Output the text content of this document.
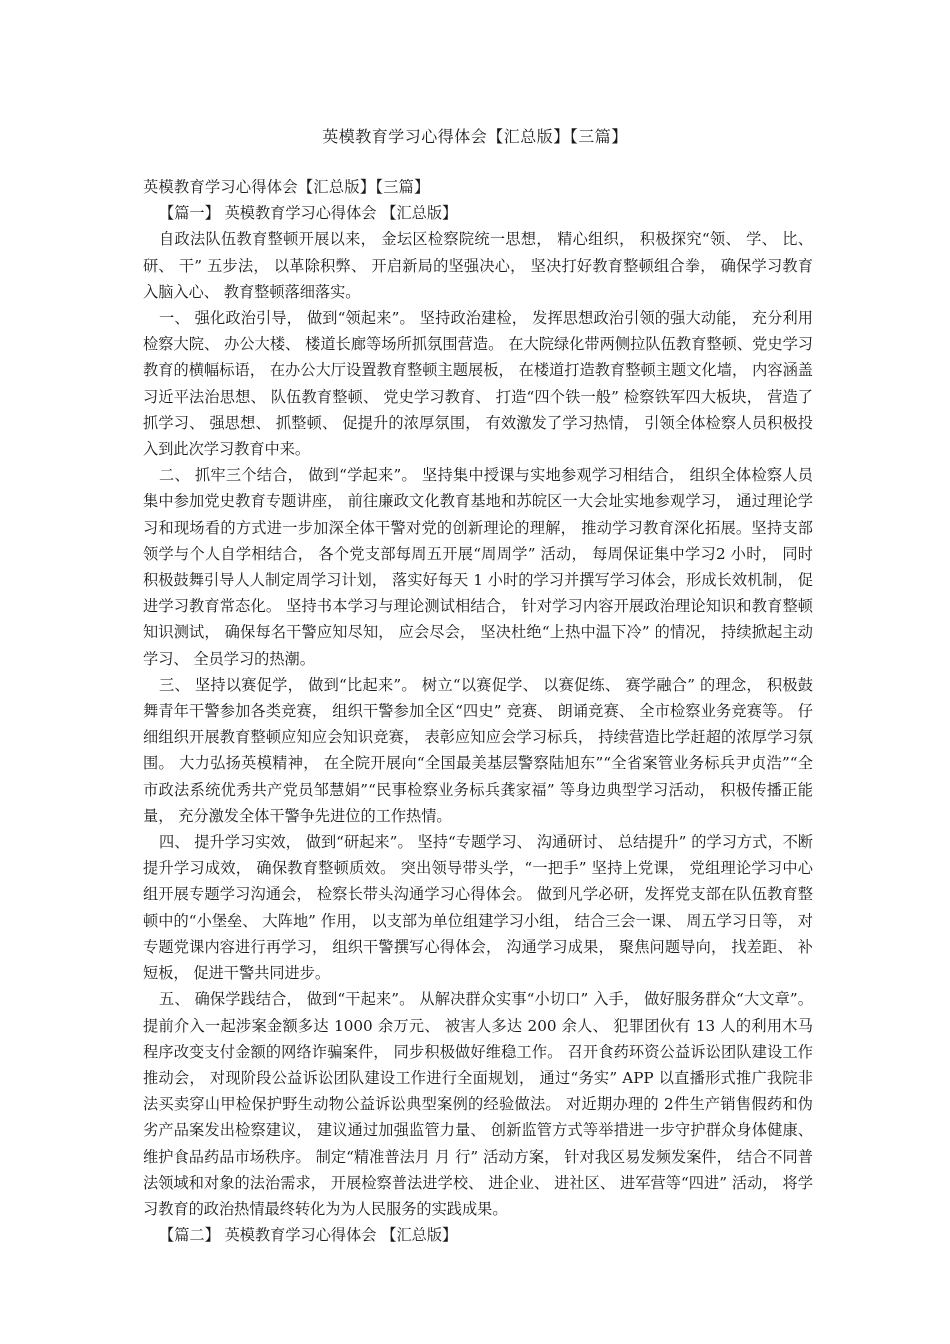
英模教育学习心得体会【汇总版】【三篇】

英模教育学习心得体会【汇总版】【三篇】

【篇一】 英模教育学习心得体会 【汇总版】

自政法队伍教育整顿开展以来， 金坛区检察院统一思想， 精心组织， 积极探究“领、 学、 比、 研、 干” 五步法， 以革除积弊、 开启新局的坚强决心， 坚决打好教育整顿组合拳， 确保学习教育入脑入心、 教育整顿落细落实。

一、 强化政治引导， 做到“领起来”。 坚持政治建检， 发挥思想政治引领的强大动能， 充分利用检察大院、 办公大楼、 楼道长廊等场所抓氛围营造。 在大院绿化带两侧拉队伍教育整顿、党史学习教育的横幅标语， 在办公大厅设置教育整顿主题展板， 在楼道打造教育整顿主题文化墙， 内容涵盖习近平法治思想、 队伍教育整顿、 党史学习教育、 打造“四个铁一般” 检察铁军四大板块， 营造了抓学习、 强思想、 抓整顿、 促提升的浓厚氛围， 有效激发了学习热情， 引领全体检察人员积极投入到此次学习教育中来。

二、 抓牢三个结合， 做到“学起来”。 坚持集中授课与实地参观学习相结合， 组织全体检察人员集中参加党史教育专题讲座， 前往廉政文化教育基地和苏皖区一大会址实地参观学习， 通过理论学习和现场看的方式进一步加深全体干警对党的创新理论的理解， 推动学习教育深化拓展。坚持支部领学与个人自学相结合， 各个党支部每周五开展“周周学” 活动， 每周保证集中学习2 小时， 同时积极鼓舞引导人人制定周学习计划， 落实好每天 1 小时的学习并撰写学习体会，形成长效机制， 促进学习教育常态化。 坚持书本学习与理论测试相结合， 针对学习内容开展政治理论知识和教育整顿知识测试， 确保每名干警应知尽知， 应会尽会， 坚决杜绝“上热中温下冷” 的情况， 持续掀起主动学习、 全员学习的热潮。

三、 坚持以赛促学， 做到“比起来”。 树立“以赛促学、 以赛促练、 赛学融合” 的理念， 积极鼓舞青年干警参加各类竞赛， 组织干警参加全区“四史” 竞赛、 朗诵竞赛、 全市检察业务竞赛等。 仔细组织开展教育整顿应知应会知识竞赛， 表彰应知应会学习标兵， 持续营造比学赶超的浓厚学习氛围。 大力弘扬英模精神， 在全院开展向“全国最美基层警察陆旭东”“全省案管业务标兵尹贞浩”“全市政法系统优秀共产党员邹慧娟”“民事检察业务标兵龚家福” 等身边典型学习活动， 积极传播正能量， 充分激发全体干警争先进位的工作热情。

四、 提升学习实效， 做到“研起来”。 坚持“专题学习、 沟通研讨、 总结提升” 的学习方式，不断提升学习成效， 确保教育整顿质效。 突出领导带头学，“一把手” 坚持上党课， 党组理论学习中心组开展专题学习沟通会， 检察长带头沟通学习心得体会。 做到凡学必研，发挥党支部在队伍教育整顿中的“小堡垒、 大阵地” 作用， 以支部为单位组建学习小组， 结合三会一课、 周五学习日等， 对专题党课内容进行再学习， 组织干警撰写心得体会， 沟通学习成果， 聚焦问题导向， 找差距、 补短板， 促进干警共同进步。

五、 确保学践结合， 做到“干起来”。 从解决群众实事“小切口” 入手， 做好服务群众“大文章”。 提前介入一起涉案金额多达 1000 余万元、 被害人多达 200 余人、 犯罪团伙有 13 人的利用木马程序改变支付金额的网络诈骗案件， 同步积极做好维稳工作。 召开食药环资公益诉讼团队建设工作推动会， 对现阶段公益诉讼团队建设工作进行全面规划， 通过“务实” APP 以直播形式推广我院非法买卖穿山甲检保护野生动物公益诉讼典型案例的经验做法。 对近期办理的 2件生产销售假药和伪劣产品案发出检察建议， 建议通过加强监管力量、 创新监管方式等举措进一步守护群众身体健康、 维护食品药品市场秩序。 制定“精准普法月 月 行” 活动方案， 针对我区易发频发案件， 结合不同普法领域和对象的法治需求， 开展检察普法进学校、 进企业、 进社区、 进军营等“四进” 活动， 将学习教育的政治热情最终转化为为人民服务的实践成果。

【篇二】 英模教育学习心得体会 【汇总版】
